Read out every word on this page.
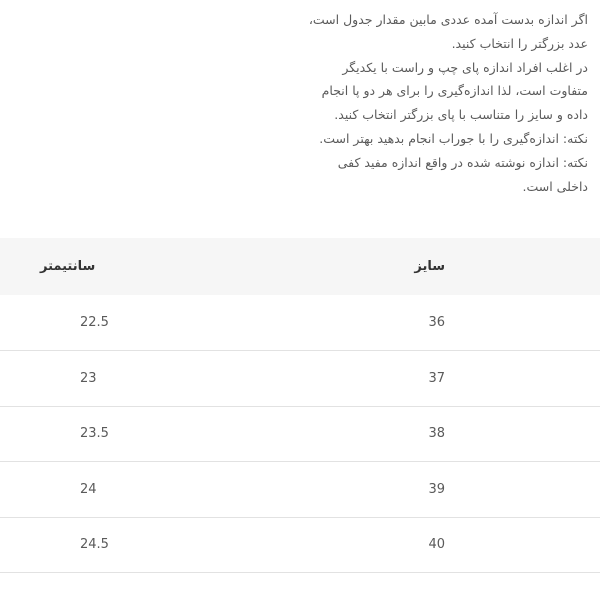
اگر اندازه بدست آمده عددی مابین مقدار جدول است،
عدد بزرگتر را انتخاب کنید.
در اغلب افراد اندازه پای چپ و راست با یکدیگر
متفاوت است، لذا اندازه‌گیری را برای هر دو پا انجام
داده و سایز را متناسب با پای بزرگتر انتخاب کنید.
نکته: اندازه‌گیری را با جوراب انجام بدهید بهتر است.
نکته: اندازه نوشته شده در واقع اندازه مفید کفی
داخلی است.
سایز	سانتیمتر

36	22.5

37	23

38	23.5

39	24

40	24.5
